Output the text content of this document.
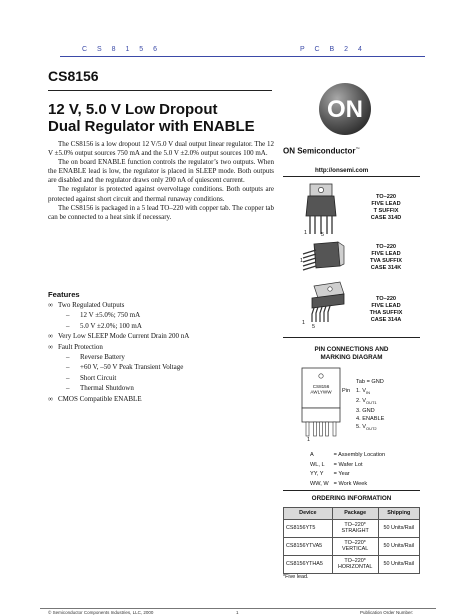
C S 8 1 5 6	P C B 2 4
CS8156
12 V, 5.0 V Low Dropout
Dual Regulator with ENABLE

The CS8156 is a low dropout 12 V/5.0 V dual output linear regulator. The 12 V ±5.0% output sources 750 mA and the 5.0 V ±2.0% output sources 100 mA.

The on board ENABLE function controls the regulator’s two outputs. When the ENABLE lead is low, the regulator is placed in SLEEP mode. Both outputs are disabled and the regulator draws only 200 nA of quiescent current.

The regulator is protected against overvoltage conditions. Both outputs are protected against short circuit and thermal runaway conditions.

The CS8156 is packaged in a 5 lead TO–220 with copper tab. The copper tab can be connected to a heat sink if necessary.

Features
∞ Two Regulated Outputs
– 12 V ±5.0%; 750 mA
– 5.0 V ±2.0%; 100 mA
∞ Very Low SLEEP Mode Current Drain 200 nA
∞ Fault Protection
– Reverse Battery
– +60 V, –50 V Peak Transient Voltage
– Short Circuit
– Thermal Shutdown
∞ CMOS Compatible ENABLE
ON
ON Semiconductor™
http://onsemi.com
1	5
TO–220
FIVE LEAD
T SUFFIX
CASE 314D
1
TO–220
FIVE LEAD
TVA SUFFIX
CASE 314K
1
5
TO–220
FIVE LEAD
THA SUFFIX
CASE 314A
PIN CONNECTIONS AND
MARKING DIAGRAM
CS8156
AWLYWW
1
Tab = GND
Pin 1. $V_{IN}$
2. $V_{OUT1}$
3. GND
4. ENABLE
5. $V_{OUT2}$
A	= Assembly Location
WL, L	= Wafer Lot
YY, Y	= Year
WW, W	= Work Week
ORDERING INFORMATION
Device	Package	Shipping
CS8156YT5	TO–220*
STRAIGHT	50 Units/Rail
CS8156YTVA5	TO–220*
VERTICAL	50 Units/Rail
CS8156YTHA5	TO–220*
HORIZONTAL	50 Units/Rail
*Five lead.
© Semiconductor Components Industries, LLC, 2000	1	Publication Order Number:
